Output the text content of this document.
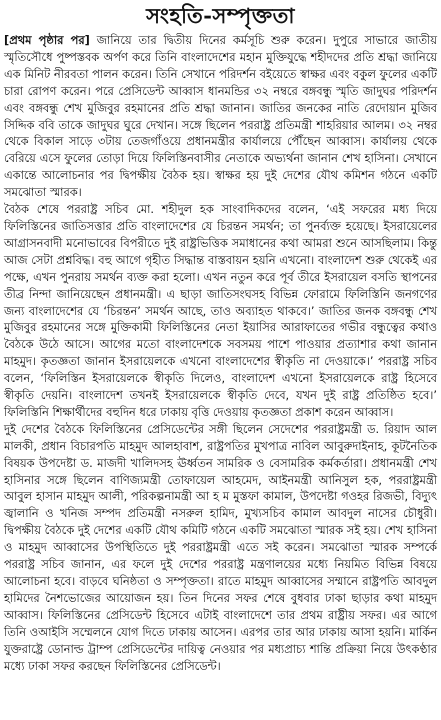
সংহতি-সম্পৃক্ততা

[প্রথম পৃষ্ঠার পর] জানিয়ে তার দ্বিতীয় দিনের কর্মসূচি শুরু করেন। দুপুরে সাভারে জাতীয় স্মৃতিসৌধে পুষ্পস্তবক অর্পণ করে তিনি বাংলাদেশের মহান মুক্তিযুদ্ধে শহীদদের প্রতি শ্রদ্ধা জানিয়ে এক মিনিট নীরবতা পালন করেন। তিনি সেখানে পরিদর্শন বইয়েতে স্বাক্ষর এবং বকুল ফুলের একটি চারা রোপণ করেন। পরে প্রেসিডেন্ট আব্বাস ধানমন্ডির ৩২ নম্বরে বঙ্গবন্ধু স্মৃতি জাদুঘর পরিদর্শন এবং বঙ্গবন্ধু শেখ মুজিবুর রহমানের প্রতি শ্রদ্ধা জানান। জাতির জনকের নাতি রেদোয়ান মুজিব সিদ্দিক ববি তাকে জাদুঘর ঘুরে দেখান। সঙ্গে ছিলেন পররাষ্ট্র প্রতিমন্ত্রী শাহরিয়ার আলম। ৩২ নম্বর থেকে বিকাল সাড়ে ৩টায় তেজগাঁওয়ে প্রধানমন্ত্রীর কার্যালয়ে পৌঁছেন আব্বাস। কার্যালয় থেকে বেরিয়ে এসে ফুলের তোড়া দিয়ে ফিলিস্তিনবাসীর নেতাকে অভ্যর্থনা জানান শেখ হাসিনা। সেখানে একান্তে আলোচনার পর দ্বিপক্ষীয় বৈঠক হয়। স্বাক্ষর হয় দুই দেশের যৌথ কমিশন গঠনে একটি সমঝোতা স্মারক।

বৈঠক শেষে পররাষ্ট্র সচিব মো. শহীদুল হক সাংবাদিকদের বলেন, ‘এই সফরের মধ্য দিয়ে ফিলিস্তিনের জাতিসত্তার প্রতি বাংলাদেশের যে চিরন্তন সমর্থন; তা পুনর্ব্যক্ত হয়েছে। ইসরায়েলের আগ্রাসনবাদী মনোভাবের বিপরীতে দুই রাষ্ট্রভিত্তিক সমাধানের কথা আমরা শুনে আসছিলাম। কিন্তু আজ সেটা প্রশ্নবিদ্ধ। বহু আগে গৃহীত সিদ্ধান্ত বাস্তবায়ন হয়নি এখনো। বাংলাদেশ শুরু থেকেই এর পক্ষে, এখন পুনরায় সমর্থন ব্যক্ত করা হলো। এখন নতুন করে পূর্ব তীরে ইসরায়েল বসতি স্থাপনের তীব্র নিন্দা জানিয়েছেন প্রধানমন্ত্রী। এ ছাড়া জাতিসংঘসহ বিভিন্ন ফোরামে ফিলিস্তিনি জনগণের জন্য বাংলাদেশের যে ‘চিরন্তন’ সমর্থন আছে, তাও অব্যাহত থাকবে।’ জাতির জনক বঙ্গবন্ধু শেখ মুজিবুর রহমানের সঙ্গে মুক্তিকামী ফিলিস্তিনের নেতা ইয়াসির আরাফাতের গভীর বন্ধুত্বের কথাও বৈঠকে উঠে আসে। আগের মতো বাংলাদেশকে সবসময় পাশে পাওয়ার প্রত্যাশার কথা জানান মাহমুদ। কৃতজ্ঞতা জানান ইসরায়েলকে এখনো বাংলাদেশের স্বীকৃতি না দেওয়াকে।’ পররাষ্ট্র সচিব বলেন, ‘ফিলিস্তিন ইসরায়েলকে স্বীকৃতি দিলেও, বাংলাদেশ এখনো ইসরায়েলকে রাষ্ট্র হিসেবে স্বীকৃতি দেয়নি। বাংলাদেশ তখনই ইসরায়েলকে স্বীকৃতি দেবে, যখন দুই রাষ্ট্র প্রতিষ্ঠিত হবে।’ ফিলিস্তিনি শিক্ষার্থীদের বহুদিন ধরে ঢাকায় বৃত্তি দেওয়ায় কৃতজ্ঞতা প্রকাশ করেন আব্বাস।

দুই দেশের বৈঠকে ফিলিস্তিনের প্রেসিডেন্টের সঙ্গী ছিলেন সেদেশের পররাষ্ট্রমন্ত্রী ড. রিয়াদ আল মালকী, প্রধান বিচারপতি মাহমুদ আলহাবাশ, রাষ্ট্রপতির মুখপাত্র নাবিল আবুরুদাইনাহ, কূটনৈতিক বিষয়ক উপদেষ্টা ড. মাজদী খালিদসহ ঊর্ধ্বতন সামরিক ও বেসামরিক কর্মকর্তারা। প্রধানমন্ত্রী শেখ হাসিনার সঙ্গে ছিলেন বাণিজ্যমন্ত্রী তোফায়েল আহমেদ, আইনমন্ত্রী আনিসুল হক, পররাষ্ট্রমন্ত্রী আবুল হাসান মাহমুদ আলী, পরিকল্পনামন্ত্রী আ হ ম মুস্তফা কামাল, উপদেষ্টা গওহর রিজভী, বিদ্যুৎ জ্বালানি ও খনিজ সম্পদ প্রতিমন্ত্রী নসরুল হামিদ, মুখ্যসচিব কামাল আবদুল নাসের চৌধুরী। দ্বিপক্ষীয় বৈঠকে দুই দেশের একটি যৌথ কমিটি গঠনে একটি সমঝোতা স্মারক সই হয়। শেখ হাসিনা ও মাহমুদ আব্বাসের উপস্থিতিতে দুই পররাষ্ট্রমন্ত্রী এতে সই করেন। সমঝোতা স্মারক সম্পর্কে পররাষ্ট্র সচিব জানান, এর ফলে দুই দেশের পররাষ্ট্র মন্ত্রণালয়ের মধ্যে নিয়মিত বিভিন্ন বিষয়ে আলোচনা হবে। বাড়বে ঘনিষ্ঠতা ও সম্পৃক্ততা। রাতে মাহমুদ আব্বাসের সম্মানে রাষ্ট্রপতি আবদুল হামিদের নৈশভোজের আয়োজন হয়। তিন দিনের সফর শেষে বুধবার ঢাকা ছাড়ার কথা মাহমুদ আব্বাস। ফিলিস্তিনের প্রেসিডেন্ট হিসেবে এটাই বাংলাদেশে তার প্রথম রাষ্ট্রীয় সফর। এর আগে তিনি ওআইসি সম্মেলনে যোগ দিতে ঢাকায় আসেন। এরপর তার আর ঢাকায় আসা হয়নি। মার্কিন যুক্তরাষ্ট্রে ডোনাল্ড ট্রাম্প প্রেসিডেন্টের দায়িত্ব নেওয়ার পর মধ্যপ্রাচ্য শান্তি প্রক্রিয়া নিয়ে উৎকণ্ঠার মধ্যে ঢাকা সফর করছেন ফিলিস্তিনের প্রেসিডেন্ট।
